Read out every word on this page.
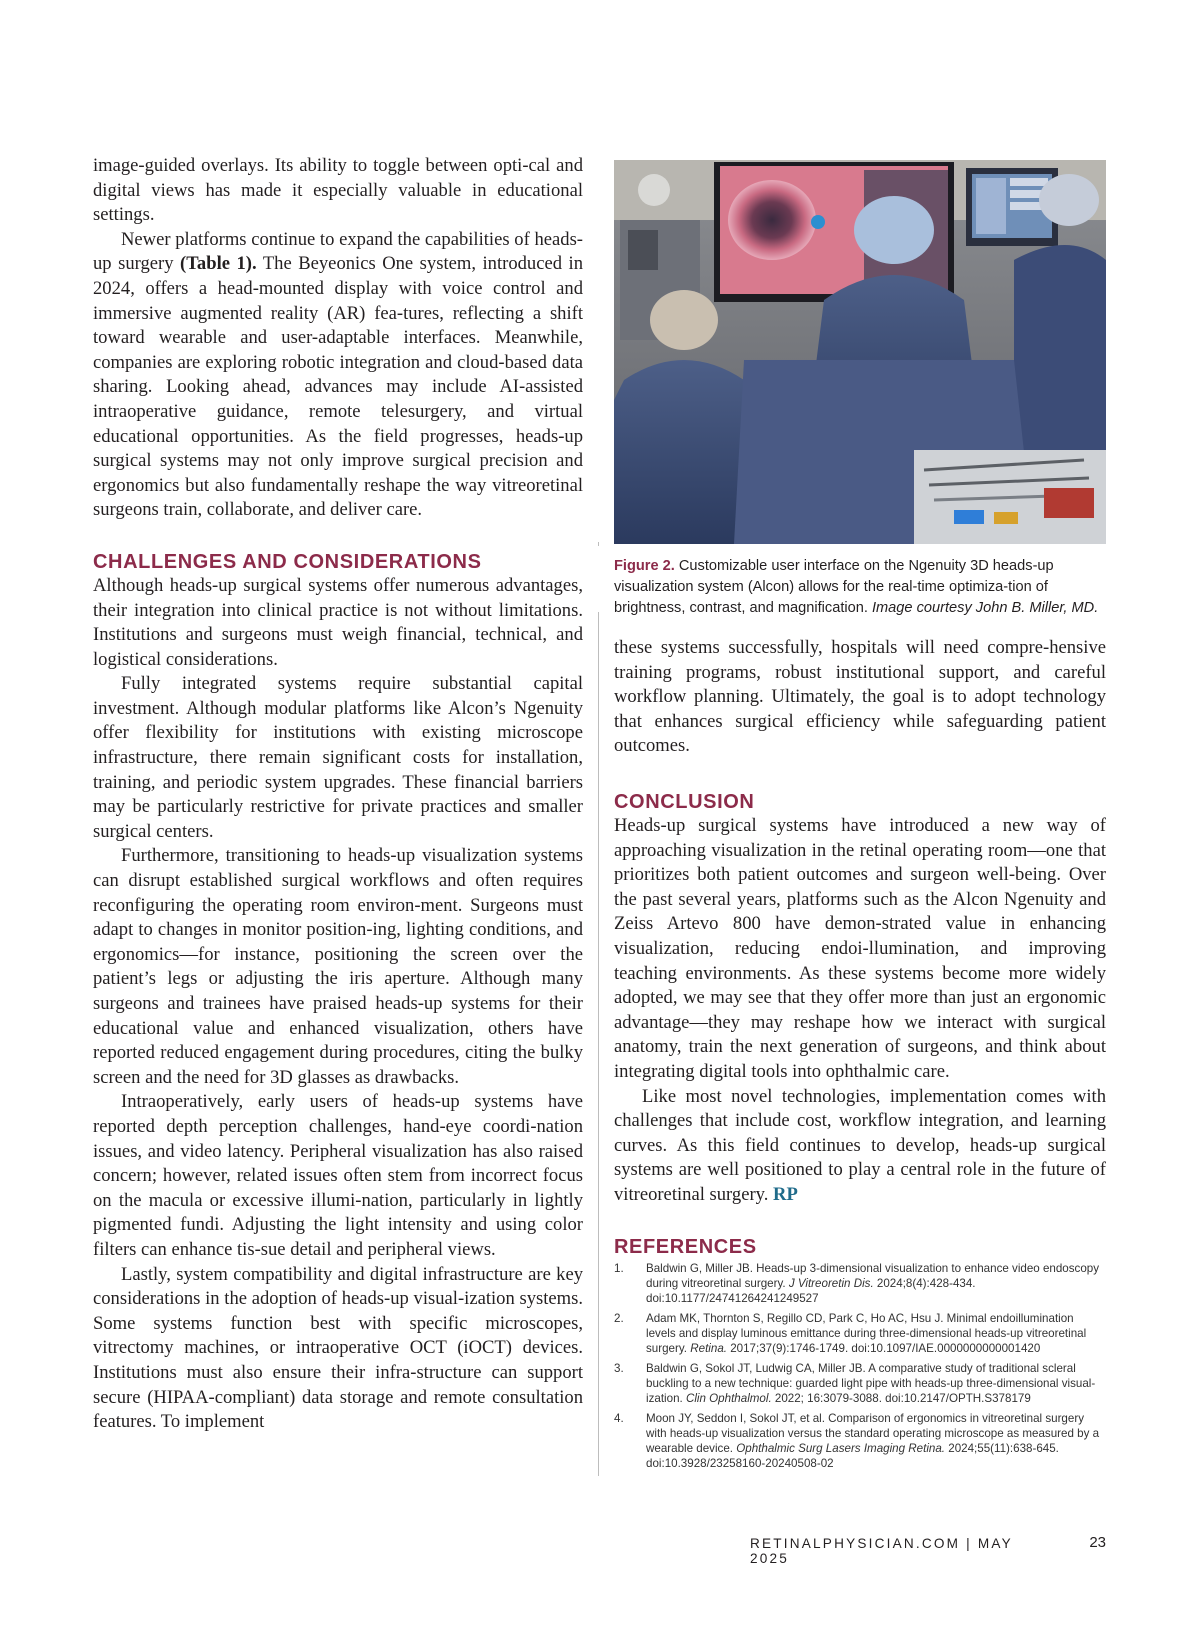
image-guided overlays. Its ability to toggle between opti-cal and digital views has made it especially valuable in educational settings.

Newer platforms continue to expand the capabilities of heads-up surgery (Table 1). The Beyeonics One system, introduced in 2024, offers a head-mounted display with voice control and immersive augmented reality (AR) fea-tures, reflecting a shift toward wearable and user-adaptable interfaces. Meanwhile, companies are exploring robotic integration and cloud-based data sharing. Looking ahead, advances may include AI-assisted intraoperative guidance, remote telesurgery, and virtual educational opportunities. As the field progresses, heads-up surgical systems may not only improve surgical precision and ergonomics but also fundamentally reshape the way vitreoretinal surgeons train, collaborate, and deliver care.

CHALLENGES AND CONSIDERATIONS

Although heads-up surgical systems offer numerous advantages, their integration into clinical practice is not without limitations. Institutions and surgeons must weigh financial, technical, and logistical considerations.

Fully integrated systems require substantial capital investment. Although modular platforms like Alcon’s Ngenuity offer flexibility for institutions with existing microscope infrastructure, there remain significant costs for installation, training, and periodic system upgrades. These financial barriers may be particularly restrictive for private practices and smaller surgical centers.

Furthermore, transitioning to heads-up visualization systems can disrupt established surgical workflows and often requires reconfiguring the operating room environ-ment. Surgeons must adapt to changes in monitor position-ing, lighting conditions, and ergonomics—for instance, positioning the screen over the patient’s legs or adjusting the iris aperture. Although many surgeons and trainees have praised heads-up systems for their educational value and enhanced visualization, others have reported reduced engagement during procedures, citing the bulky screen and the need for 3D glasses as drawbacks.

Intraoperatively, early users of heads-up systems have reported depth perception challenges, hand-eye coordi-nation issues, and video latency. Peripheral visualization has also raised concern; however, related issues often stem from incorrect focus on the macula or excessive illumi-nation, particularly in lightly pigmented fundi. Adjusting the light intensity and using color filters can enhance tis-sue detail and peripheral views.

Lastly, system compatibility and digital infrastructure are key considerations in the adoption of heads-up visual-ization systems. Some systems function best with specific microscopes, vitrectomy machines, or intraoperative OCT (iOCT) devices. Institutions must also ensure their infra-structure can support secure (HIPAA-compliant) data storage and remote consultation features. To implement

Figure 2. Customizable user interface on the Ngenuity 3D heads-up visualization system (Alcon) allows for the real-time optimiza-tion of brightness, contrast, and magnification. Image courtesy John B. Miller, MD.

these systems successfully, hospitals will need compre-hensive training programs, robust institutional support, and careful workflow planning. Ultimately, the goal is to adopt technology that enhances surgical efficiency while safeguarding patient outcomes.

CONCLUSION

Heads-up surgical systems have introduced a new way of approaching visualization in the retinal operating room—one that prioritizes both patient outcomes and surgeon well-being. Over the past several years, platforms such as the Alcon Ngenuity and Zeiss Artevo 800 have demon-strated value in enhancing visualization, reducing endoi-llumination, and improving teaching environments. As these systems become more widely adopted, we may see that they offer more than just an ergonomic advantage—they may reshape how we interact with surgical anatomy, train the next generation of surgeons, and think about integrating digital tools into ophthalmic care.

Like most novel technologies, implementation comes with challenges that include cost, workflow integration, and learning curves. As this field continues to develop, heads-up surgical systems are well positioned to play a central role in the future of vitreoretinal surgery. RP

REFERENCES
1. Baldwin G, Miller JB. Heads-up 3-dimensional visualization to enhance video endoscopy during vitreoretinal surgery. J Vitreoretin Dis. 2024;8(4):428-434. doi:10.1177/24741264241249527
2. Adam MK, Thornton S, Regillo CD, Park C, Ho AC, Hsu J. Minimal endoillumination levels and display luminous emittance during three-dimensional heads-up vitreoretinal surgery. Retina. 2017;37(9):1746-1749. doi:10.1097/IAE.0000000000001420
3. Baldwin G, Sokol JT, Ludwig CA, Miller JB. A comparative study of traditional scleral buckling to a new technique: guarded light pipe with heads-up three-dimensional visual-ization. Clin Ophthalmol. 2022; 16:3079-3088. doi:10.2147/OPTH.S378179
4. Moon JY, Seddon I, Sokol JT, et al. Comparison of ergonomics in vitreoretinal surgery with heads-up visualization versus the standard operating microscope as measured by a wearable device. Ophthalmic Surg Lasers Imaging Retina. 2024;55(11):638-645. doi:10.3928/23258160-20240508-02
RETINALPHYSICIAN.COM | MAY 2025
23
